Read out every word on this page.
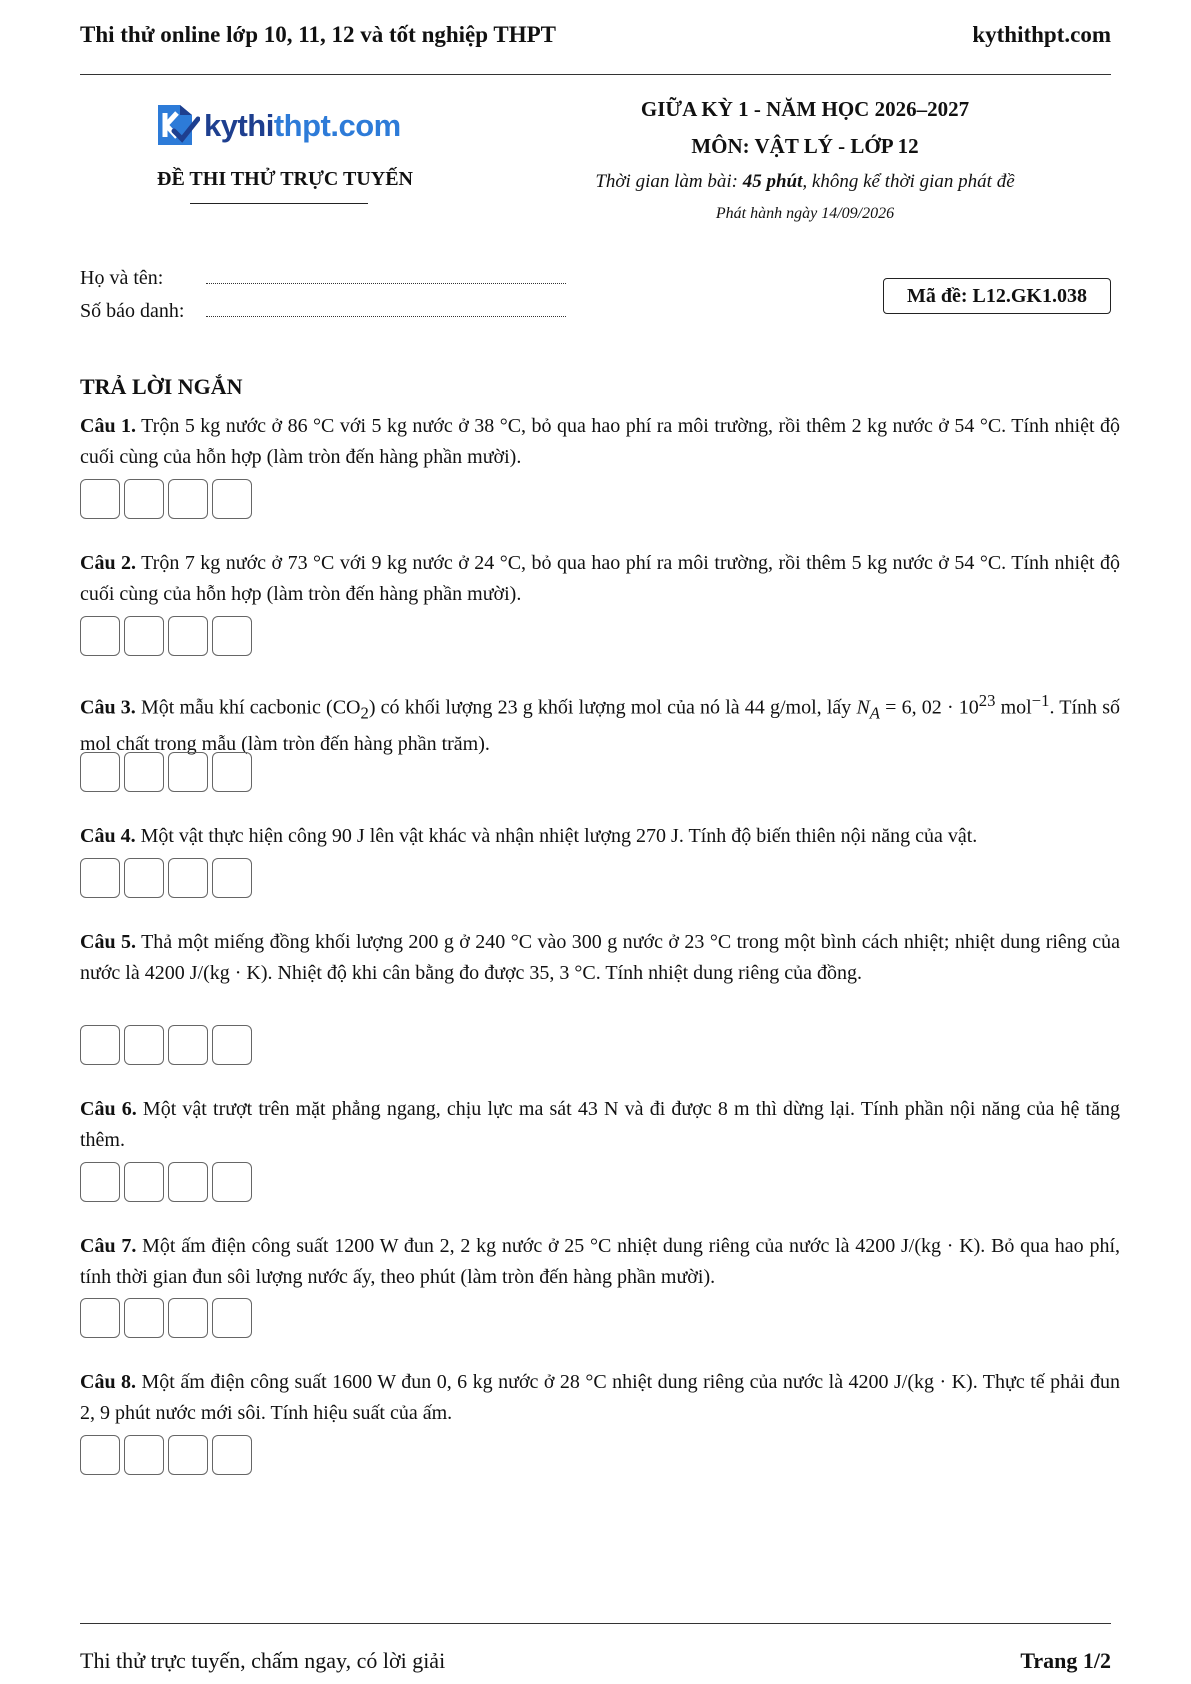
Thi thử online lớp 10, 11, 12 và tốt nghiệp THPT	kythithpt.com
kythithpt.com
ĐỀ THI THỬ TRỰC TUYẾN
GIỮA KỲ 1 - NĂM HỌC 2026–2027
MÔN: VẬT LÝ - LỚP 12
Thời gian làm bài: 45 phút, không kể thời gian phát đề
Phát hành ngày 14/09/2026
Họ và tên:
Số báo danh:
Mã đề: L12.GK1.038
TRẢ LỜI NGẮN
Câu 1. Trộn 5 kg nước ở 86 °C với 5 kg nước ở 38 °C, bỏ qua hao phí ra môi trường, rồi thêm 2 kg nước ở 54 °C. Tính nhiệt độ cuối cùng của hỗn hợp (làm tròn đến hàng phần mười).
Câu 2. Trộn 7 kg nước ở 73 °C với 9 kg nước ở 24 °C, bỏ qua hao phí ra môi trường, rồi thêm 5 kg nước ở 54 °C. Tính nhiệt độ cuối cùng của hỗn hợp (làm tròn đến hàng phần mười).
Câu 3. Một mẫu khí cacbonic $(CO_2)$ có khối lượng 23 g khối lượng mol của nó là 44 g/mol, lấy $N_A = 6$, $02 \cdot 10^{23}$ mol$^{-1}$. Tính số mol chất trong mẫu (làm tròn đến hàng phần trăm).
Câu 4. Một vật thực hiện công 90 J lên vật khác và nhận nhiệt lượng 270 J. Tính độ biến thiên nội năng của vật.
Câu 5. Thả một miếng đồng khối lượng 200 g ở 240 °C vào 300 g nước ở 23 °C trong một bình cách nhiệt; nhiệt dung riêng của nước là 4200 J/(kg · K). Nhiệt độ khi cân bằng đo được 35, 3 °C. Tính nhiệt dung riêng của đồng.
Câu 6. Một vật trượt trên mặt phẳng ngang, chịu lực ma sát 43 N và đi được 8 m thì dừng lại. Tính phần nội năng của hệ tăng thêm.
Câu 7. Một ấm điện công suất 1200 W đun 2, 2 kg nước ở 25 °C nhiệt dung riêng của nước là 4200 J/(kg · K). Bỏ qua hao phí, tính thời gian đun sôi lượng nước ấy, theo phút (làm tròn đến hàng phần mười).
Câu 8. Một ấm điện công suất 1600 W đun 0, 6 kg nước ở 28 °C nhiệt dung riêng của nước là 4200 J/(kg · K). Thực tế phải đun 2, 9 phút nước mới sôi. Tính hiệu suất của ấm.
Thi thử trực tuyến, chấm ngay, có lời giải	Trang 1/2
